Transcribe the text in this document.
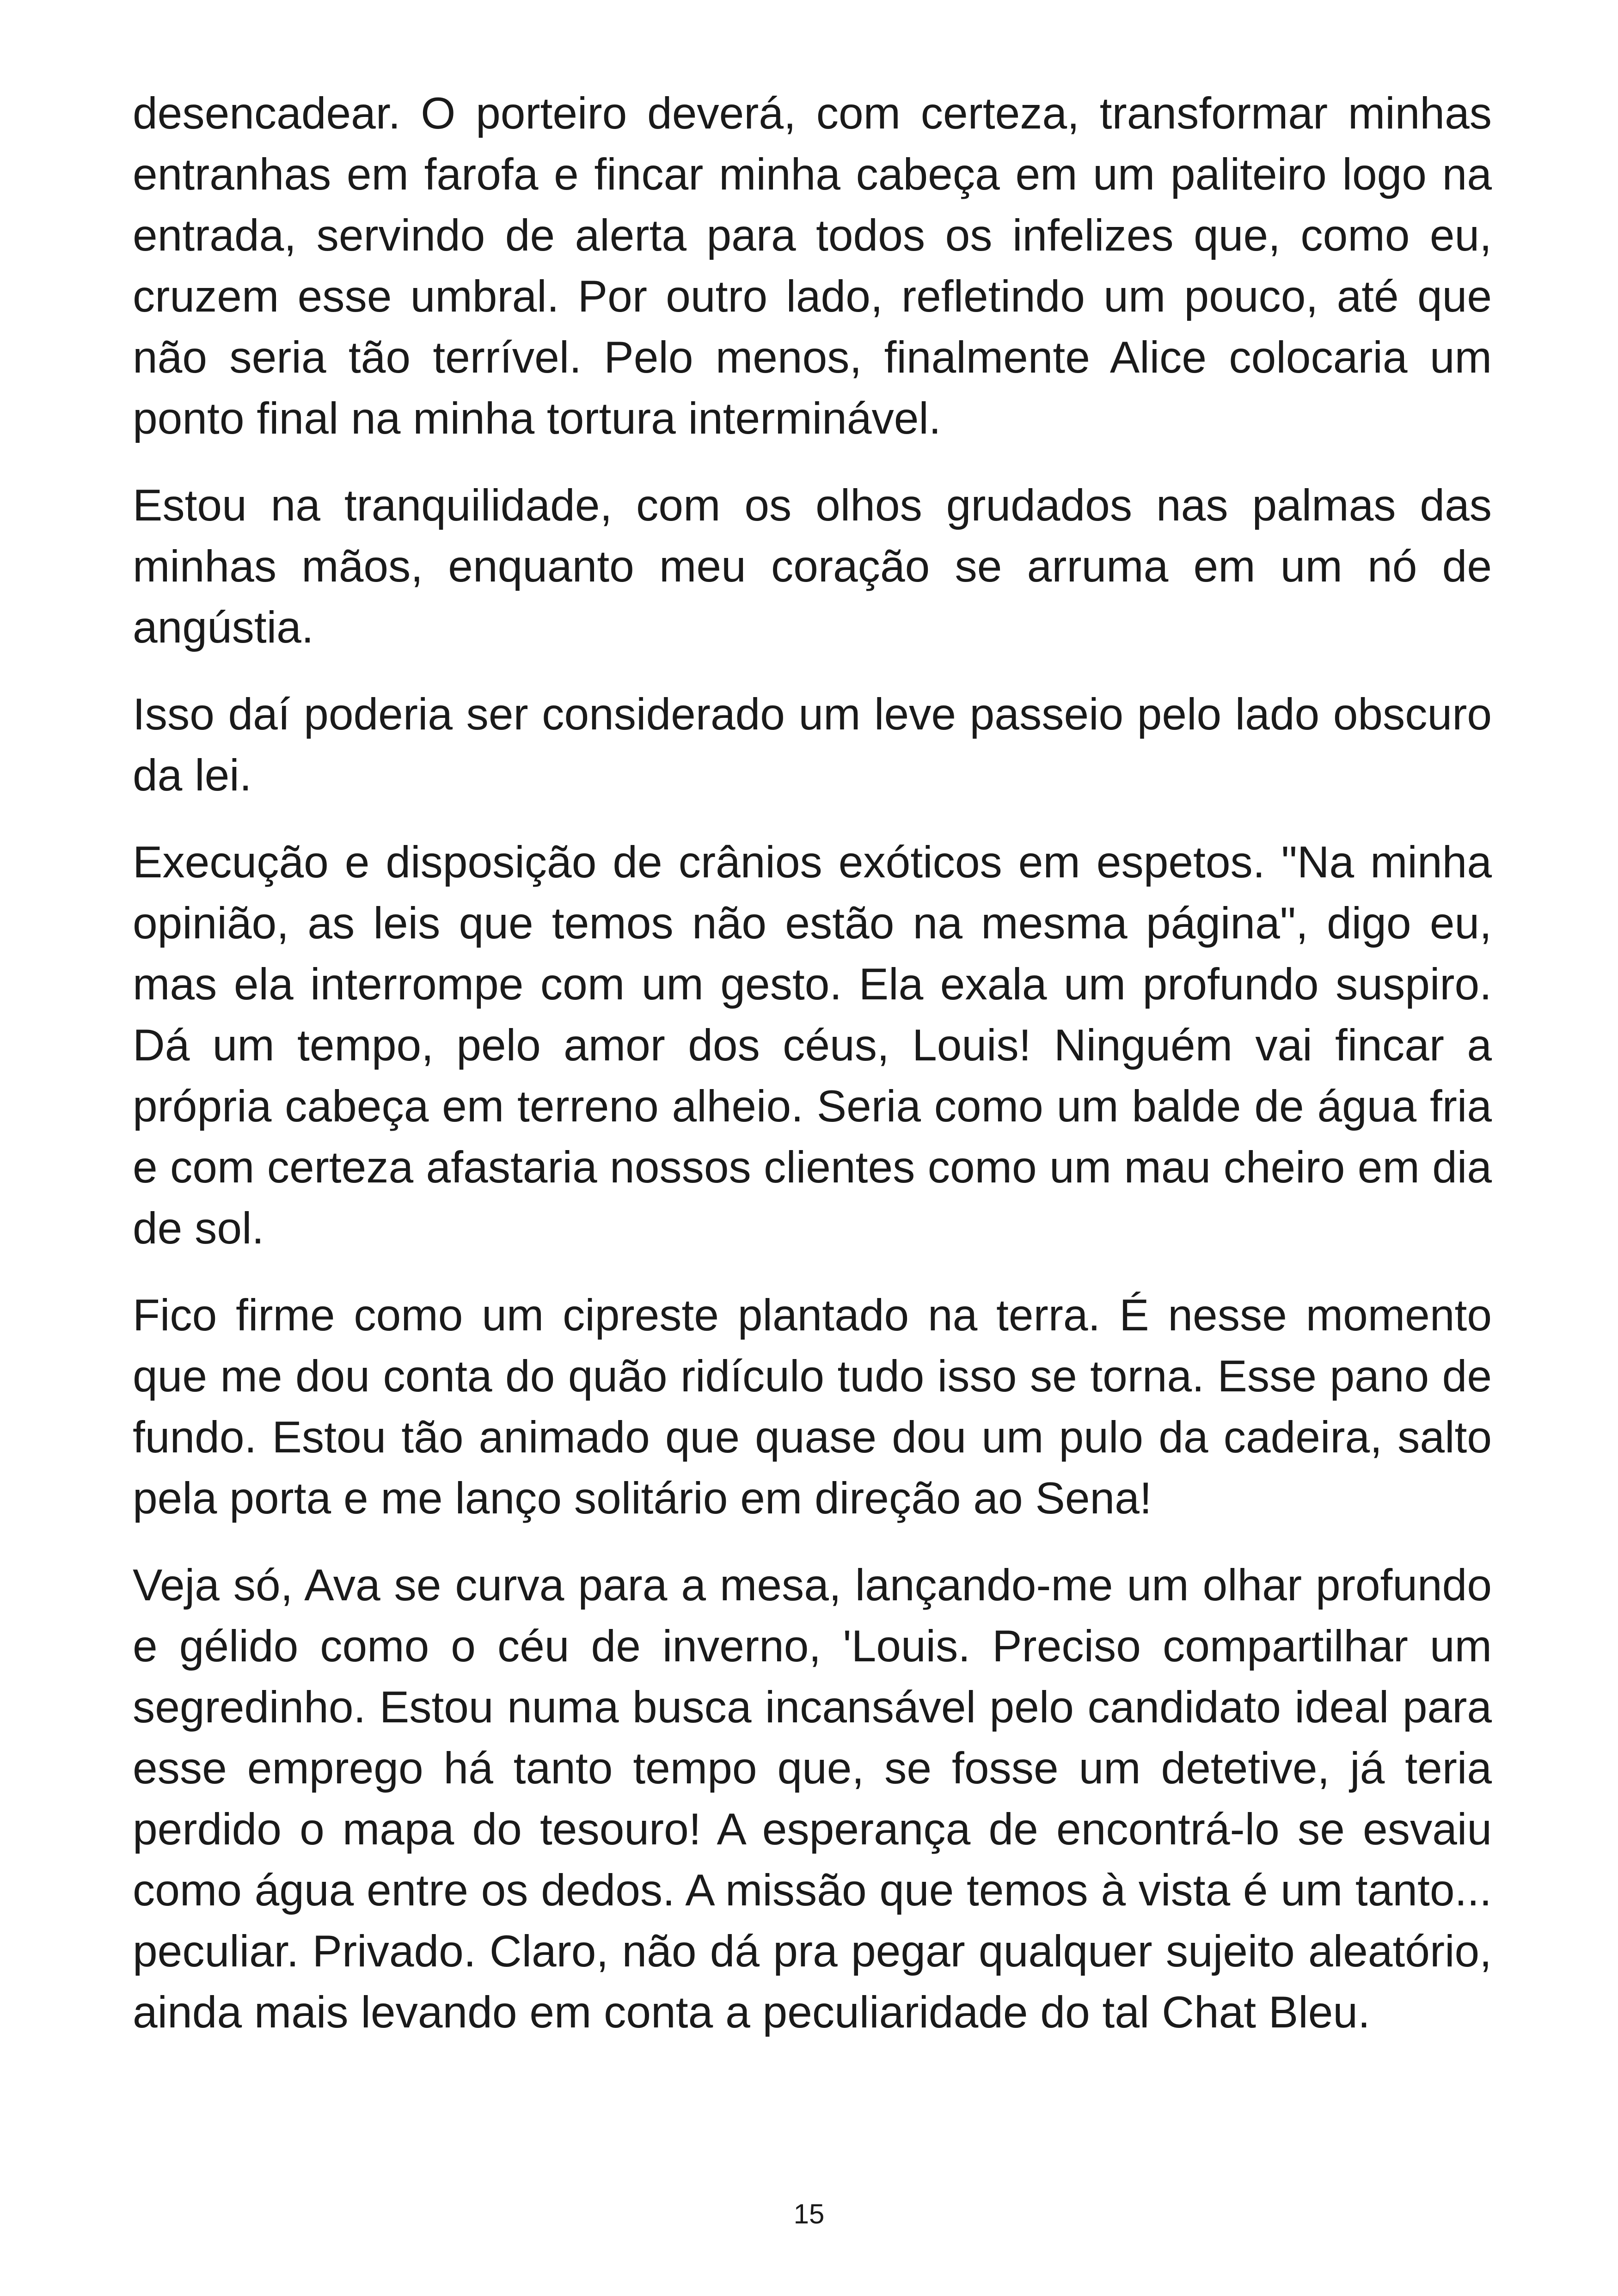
desencadear. O porteiro deverá, com certeza, transformar minhas entranhas em farofa e fincar minha cabeça em um paliteiro logo na entrada, servindo de alerta para todos os infelizes que, como eu, cruzem esse umbral. Por outro lado, refletindo um pouco, até que não seria tão terrível. Pelo menos, finalmente Alice colocaria um ponto final na minha tortura interminável.

Estou na tranquilidade, com os olhos grudados nas palmas das minhas mãos, enquanto meu coração se arruma em um nó de angústia.

Isso daí poderia ser considerado um leve passeio pelo lado obscuro da lei.

Execução e disposição de crânios exóticos em espetos. "Na minha opinião, as leis que temos não estão na mesma página", digo eu, mas ela interrompe com um gesto. Ela exala um profundo suspiro. Dá um tempo, pelo amor dos céus, Louis! Ninguém vai fincar a própria cabeça em terreno alheio. Seria como um balde de água fria e com certeza afastaria nossos clientes como um mau cheiro em dia de sol.

Fico firme como um cipreste plantado na terra. É nesse momento que me dou conta do quão ridículo tudo isso se torna. Esse pano de fundo. Estou tão animado que quase dou um pulo da cadeira, salto pela porta e me lanço solitário em direção ao Sena!

Veja só, Ava se curva para a mesa, lançando-me um olhar profundo e gélido como o céu de inverno, 'Louis. Preciso compartilhar um segredinho. Estou numa busca incansável pelo candidato ideal para esse emprego há tanto tempo que, se fosse um detetive, já teria perdido o mapa do tesouro! A esperança de encontrá-lo se esvaiu como água entre os dedos. A missão que temos à vista é um tanto... peculiar. Privado. Claro, não dá pra pegar qualquer sujeito aleatório, ainda mais levando em conta a peculiaridade do tal Chat Bleu.

15
